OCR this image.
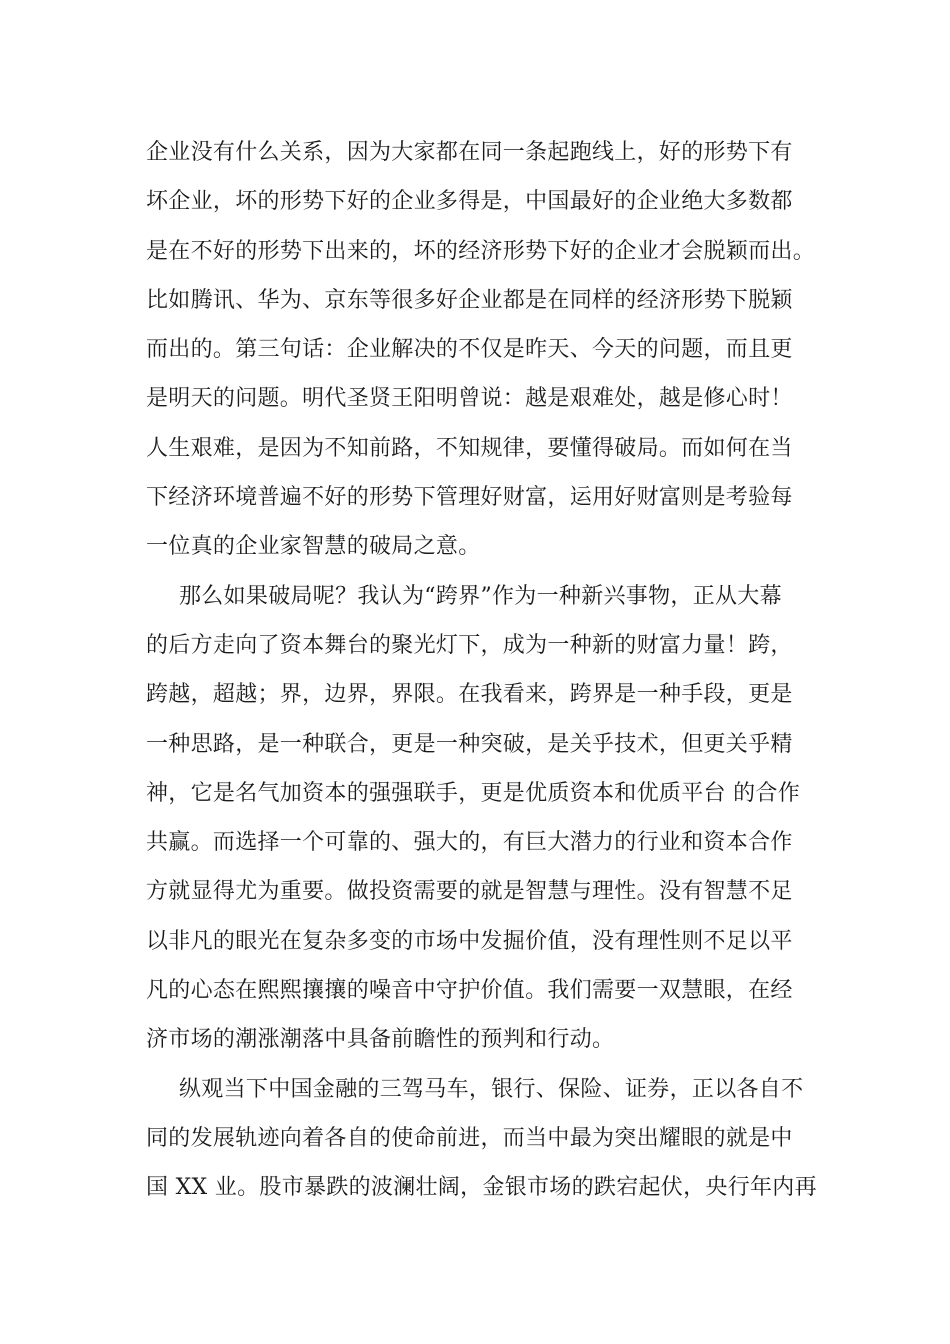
企业没有什么关系，因为大家都在同一条起跑线上，好的形势下有
坏企业，坏的形势下好的企业多得是，中国最好的企业绝大多数都
是在不好的形势下出来的，坏的经济形势下好的企业才会脱颖而出。
比如腾讯、华为、京东等很多好企业都是在同样的经济形势下脱颖
而出的。第三句话：企业解决的不仅是昨天、今天的问题，而且更
是明天的问题。明代圣贤王阳明曾说：越是艰难处，越是修心时！
人生艰难，是因为不知前路，不知规律，要懂得破局。而如何在当
下经济环境普遍不好的形势下管理好财富，运用好财富则是考验每
一位真的企业家智慧的破局之意。
那么如果破局呢？我认为“跨界”作为一种新兴事物，正从大幕
的后方走向了资本舞台的聚光灯下，成为一种新的财富力量！跨，
跨越，超越；界，边界，界限。在我看来，跨界是一种手段，更是
一种思路，是一种联合，更是一种突破，是关乎技术，但更关乎精
神，它是名气加资本的强强联手，更是优质资本和优质平台 的合作
共赢。而选择一个可靠的、强大的，有巨大潜力的行业和资本合作
方就显得尤为重要。做投资需要的就是智慧与理性。没有智慧不足
以非凡的眼光在复杂多变的市场中发掘价值，没有理性则不足以平
凡的心态在熙熙攘攘的噪音中守护价值。我们需要一双慧眼，在经
济市场的潮涨潮落中具备前瞻性的预判和行动。
纵观当下中国金融的三驾马车，银行、保险、证券，正以各自不
同的发展轨迹向着各自的使命前进，而当中最为突出耀眼的就是中
国 XX 业。股市暴跌的波澜壮阔，金银市场的跌宕起伏，央行年内再
